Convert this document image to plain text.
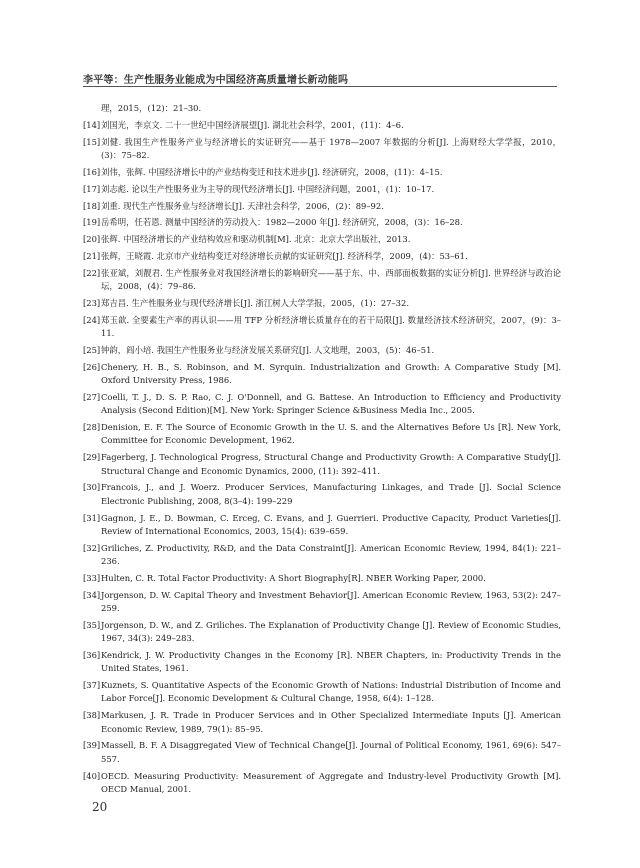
李平等：生产性服务业能成为中国经济高质量增长新动能吗
理，2015，(12)：21–30.
[14] 刘国光，李京文. 二十一世纪中国经济展望[J]. 湖北社会科学，2001，(11)：4–6.
[15] 刘健. 我国生产性服务产业与经济增长的实证研究——基于 1978—2007 年数据的分析[J]. 上海财经大学学报，2010，(3)：75–82.
[16] 刘伟，张辉. 中国经济增长中的产业结构变迁和技术进步[J]. 经济研究，2008，(11)：4–15.
[17] 刘志彪. 论以生产性服务业为主导的现代经济增长[J]. 中国经济问题，2001，(1)：10–17.
[18] 刘重. 现代生产性服务业与经济增长[J]. 天津社会科学，2006，(2)：89–92.
[19] 岳希明，任若恩. 测量中国经济的劳动投入：1982—2000 年[J]. 经济研究，2008，(3)：16–28.
[20] 张辉. 中国经济增长的产业结构效应和驱动机制[M]. 北京：北京大学出版社，2013.
[21] 张辉，王晓霞. 北京市产业结构变迁对经济增长贡献的实证研究[J]. 经济科学，2009，(4)：53–61.
[22] 张亚斌，刘靓君. 生产性服务业对我国经济增长的影响研究——基于东、中、西部面板数据的实证分析[J]. 世界经济与政治论坛，2008，(4)：79–86.
[23] 郑吉昌. 生产性服务业与现代经济增长[J]. 浙江树人大学学报，2005，(1)：27–32.
[24] 郑玉歆. 全要素生产率的再认识——用 TFP 分析经济增长质量存在的若干局限[J]. 数量经济技术经济研究，2007，(9)：3–11.
[25] 钟韵，阎小培. 我国生产性服务业与经济发展关系研究[J]. 人文地理，2003，(5)：46–51.
[26] Chenery, H. B., S. Robinson, and M. Syrquin. Industrialization and Growth: A Comparative Study [M]. Oxford University Press, 1986.
[27] Coelli, T. J., D. S. P. Rao, C. J. O'Donnell, and G. Battese. An Introduction to Efficiency and Productivity Analysis (Second Edition)[M]. New York: Springer Science &Business Media Inc., 2005.
[28] Denision, E. F. The Source of Economic Growth in the U. S. and the Alternatives Before Us [R]. New York, Committee for Economic Development, 1962.
[29] Fagerberg, J. Technological Progress, Structural Change and Productivity Growth: A Comparative Study[J]. Structural Change and Economic Dynamics, 2000, (11): 392–411.
[30] Francois, J., and J. Woerz. Producer Services, Manufacturing Linkages, and Trade [J]. Social Science Electronic Publishing, 2008, 8(3–4): 199–229
[31] Gagnon, J. E., D. Bowman, C. Erceg, C. Evans, and J. Guerrieri. Productive Capacity, Product Varieties[J]. Review of International Economics, 2003, 15(4): 639–659.
[32] Griliches, Z. Productivity, R&D, and the Data Constraint[J]. American Economic Review, 1994, 84(1): 221–236.
[33] Hulten, C. R. Total Factor Productivity: A Short Biography[R]. NBER Working Paper, 2000.
[34] Jorgenson, D. W. Capital Theory and Investment Behavior[J]. American Economic Review, 1963, 53(2): 247–259.
[35] Jorgenson, D. W., and Z. Griliches. The Explanation of Productivity Change [J]. Review of Economic Studies, 1967, 34(3): 249–283.
[36] Kendrick, J. W. Productivity Changes in the Economy [R]. NBER Chapters, in: Productivity Trends in the United States, 1961.
[37] Kuznets, S. Quantitative Aspects of the Economic Growth of Nations: Industrial Distribution of Income and Labor Force[J]. Economic Development & Cultural Change, 1958, 6(4): 1–128.
[38] Markusen, J. R. Trade in Producer Services and in Other Specialized Intermediate Inputs [J]. American Economic Review, 1989, 79(1): 85–95.
[39] Massell, B. F. A Disaggregated View of Technical Change[J]. Journal of Political Economy, 1961, 69(6): 547–557.
[40] OECD. Measuring Productivity: Measurement of Aggregate and Industry-level Productivity Growth [M]. OECD Manual, 2001.
20
